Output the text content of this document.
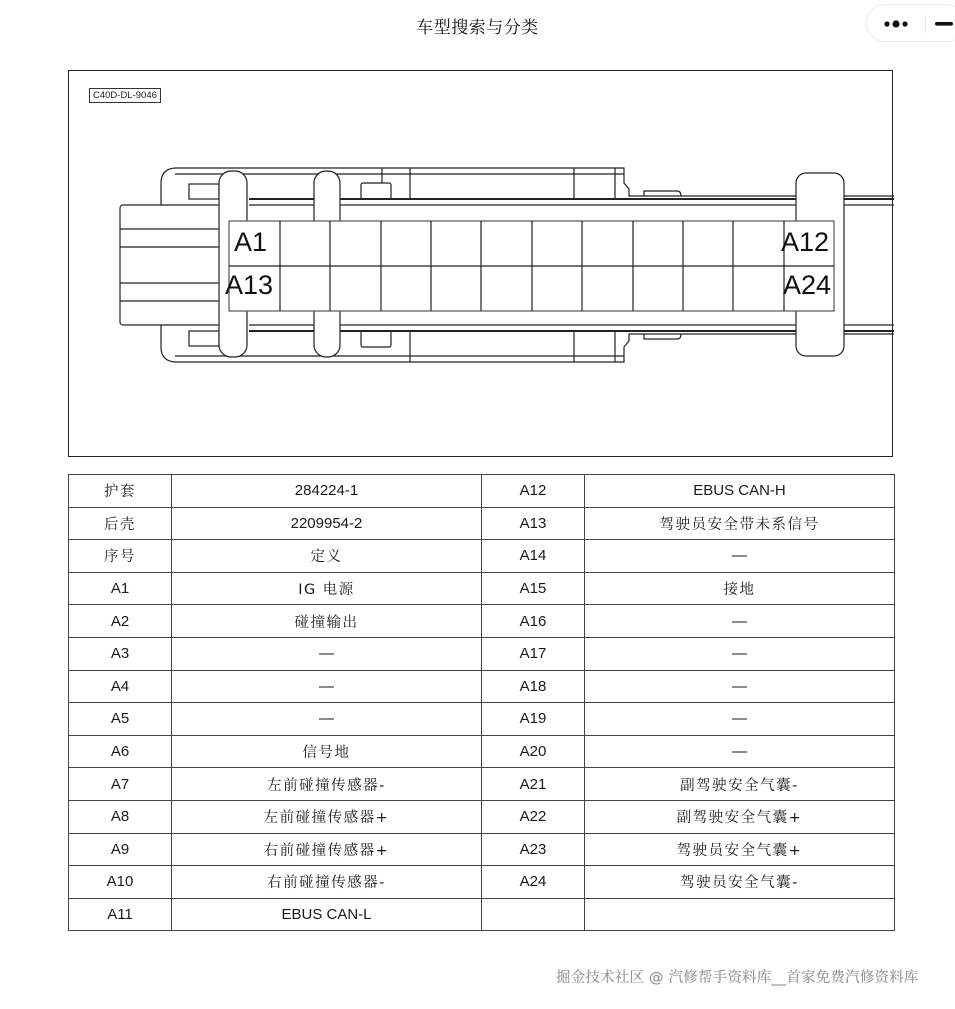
车型搜索与分类
C40D-DL-9046
A1
A13
A12
A24
护套	284224-1	A12	EBUS CAN-H
后壳	2209954-2	A13	驾驶员安全带未系信号
序号	定义	A14	—
A1	IG 电源	A15	接地
A2	碰撞输出	A16	—
A3	—	A17	—
A4	—	A18	—
A5	—	A19	—
A6	信号地	A20	—
A7	左前碰撞传感器-	A21	副驾驶安全气囊-
A8	左前碰撞传感器+	A22	副驾驶安全气囊+
A9	右前碰撞传感器+	A23	驾驶员安全气囊+
A10	右前碰撞传感器-	A24	驾驶员安全气囊-
A11	EBUS CAN-L		
掘金技术社区 @ 汽修帮手资料库__首家免费汽修资料库
